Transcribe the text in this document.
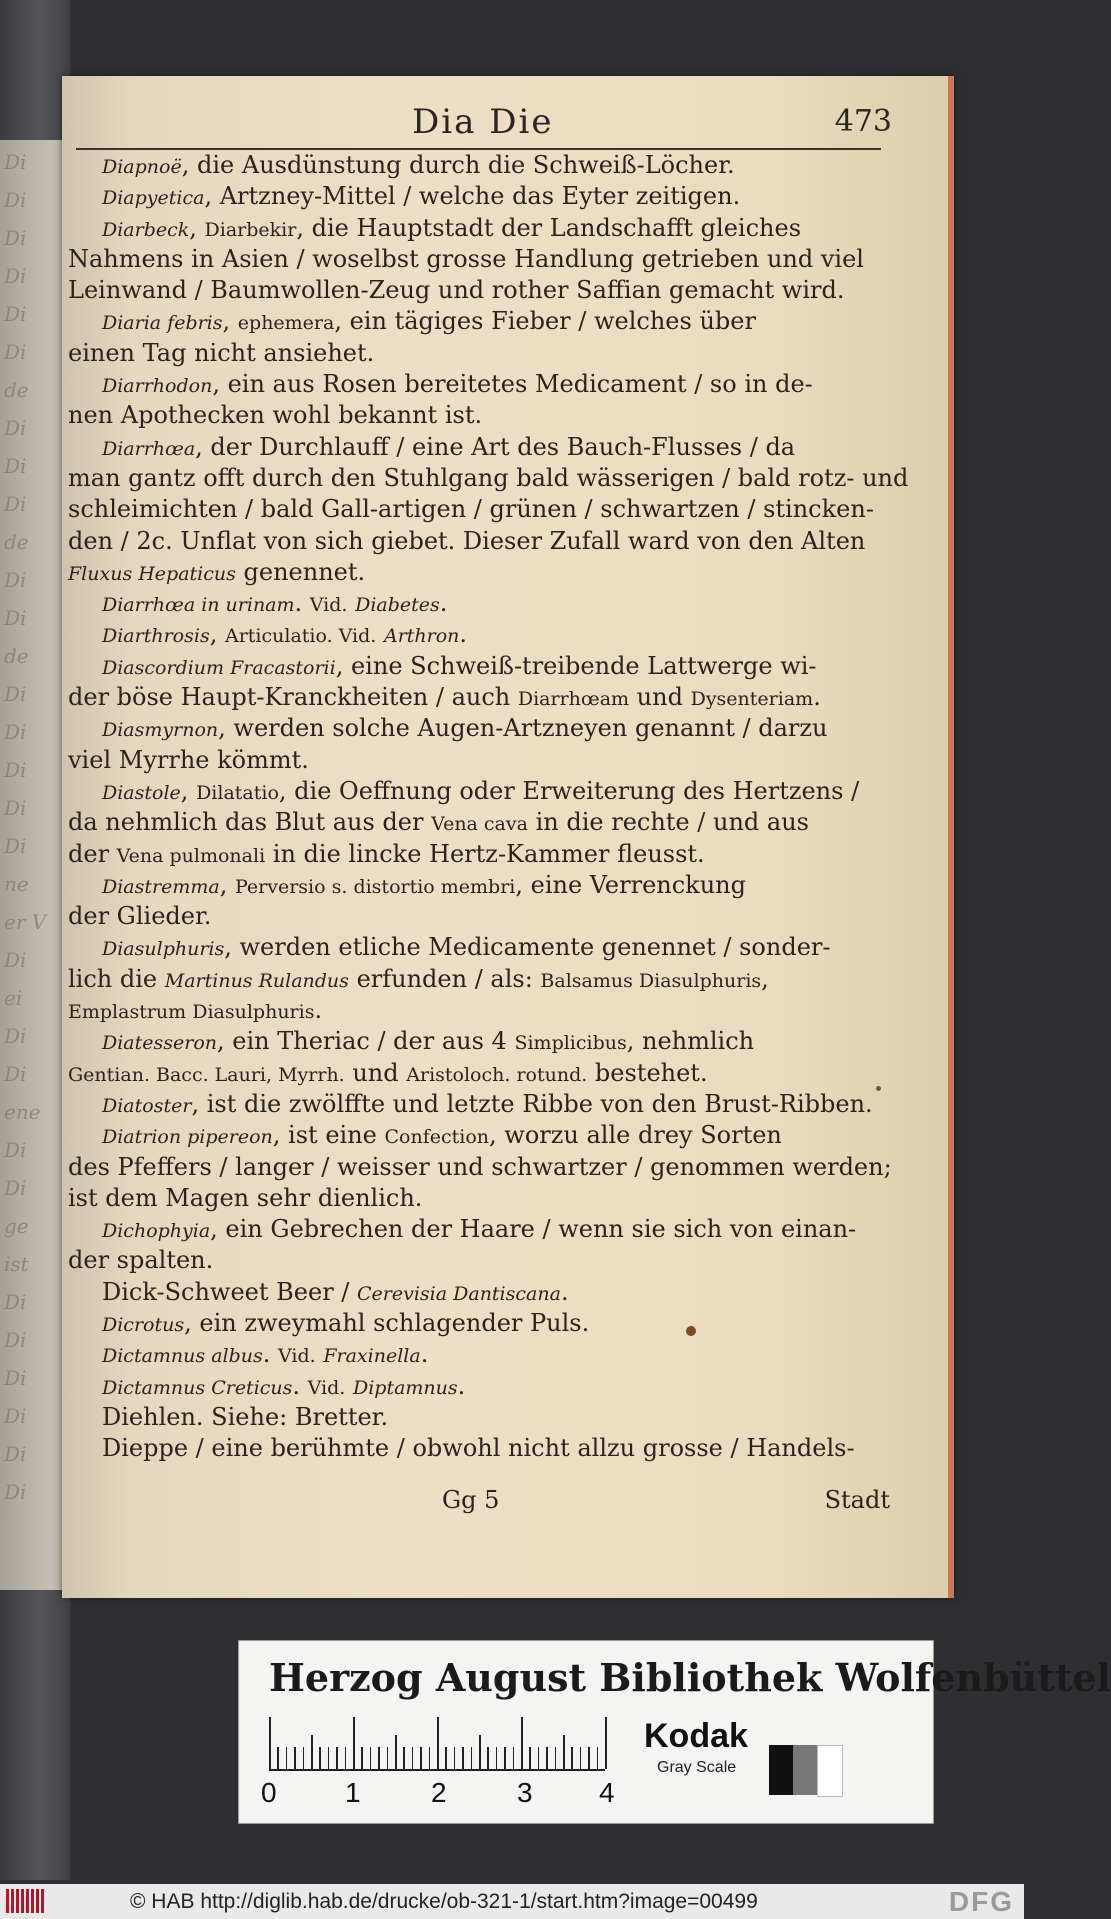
Di
Di
Di
Di
Di
Di
de
Di
Di
Di
de
Di
Di
de
Di
Di
Di
Di
Di
ne
er V
Di
ei
Di
Di
ene
Di
Di
ge
ist
Di
Di
Di
Di
Di
Di
Dia Die	473
Diapnoë, die Ausdünstung durch die Schweiß-Löcher.
Diapyetica, Artzney-Mittel / welche das Eyter zeitigen.
Diarbeck, Diarbekir, die Hauptstadt der Landschafft gleiches
Nahmens in Asien / woselbst grosse Handlung getrieben und viel
Leinwand / Baumwollen-Zeug und rother Saffian gemacht wird.
Diaria febris, ephemera, ein tägiges Fieber / welches über
einen Tag nicht ansiehet.
Diarrhodon, ein aus Rosen bereitetes Medicament / so in de-
nen Apothecken wohl bekannt ist.
Diarrhœa, der Durchlauff / eine Art des Bauch-Flusses / da
man gantz offt durch den Stuhlgang bald wässerigen / bald rotz- und
schleimichten / bald Gall-artigen / grünen / schwartzen / stincken-
den / 2c. Unflat von sich giebet. Dieser Zufall ward von den Alten
Fluxus Hepaticus genennet.
Diarrhœa in urinam. Vid. Diabetes.
Diarthrosis, Articulatio. Vid. Arthron.
Diascordium Fracastorii, eine Schweiß-treibende Lattwerge wi-
der böse Haupt-Kranckheiten / auch Diarrhœam und Dysenteriam.
Diasmyrnon, werden solche Augen-Artzneyen genannt / darzu
viel Myrrhe kömmt.
Diastole, Dilatatio, die Oeffnung oder Erweiterung des Hertzens /
da nehmlich das Blut aus der Vena cava in die rechte / und aus
der Vena pulmonali in die lincke Hertz-Kammer fleusst.
Diastremma, Perversio s. distortio membri, eine Verrenckung
der Glieder.
Diasulphuris, werden etliche Medicamente genennet / sonder-
lich die Martinus Rulandus erfunden / als: Balsamus Diasulphuris,
Emplastrum Diasulphuris.
Diatesseron, ein Theriac / der aus 4 Simplicibus, nehmlich
Gentian. Bacc. Lauri, Myrrh. und Aristoloch. rotund. bestehet.
Diatoster, ist die zwölffte und letzte Ribbe von den Brust-Ribben.
Diatrion pipereon, ist eine Confection, worzu alle drey Sorten
des Pfeffers / langer / weisser und schwartzer / genommen werden;
ist dem Magen sehr dienlich.
Dichophyia, ein Gebrechen der Haare / wenn sie sich von einan-
der spalten.
Dick-Schweet Beer / Cerevisia Dantiscana.
Dicrotus, ein zweymahl schlagender Puls.
Dictamnus albus. Vid. Fraxinella.
Dictamnus Creticus. Vid. Diptamnus.
Diehlen. Siehe: Bretter.
Dieppe / eine berühmte / obwohl nicht allzu grosse / Handels-
Gg 5	Stadt
Herzog August Bibliothek Wolfenbüttel
0 1	2	3 4
Kodak
Gray Scale
© HAB http://diglib.hab.de/drucke/ob-321-1/start.htm?image=00499	DFG
